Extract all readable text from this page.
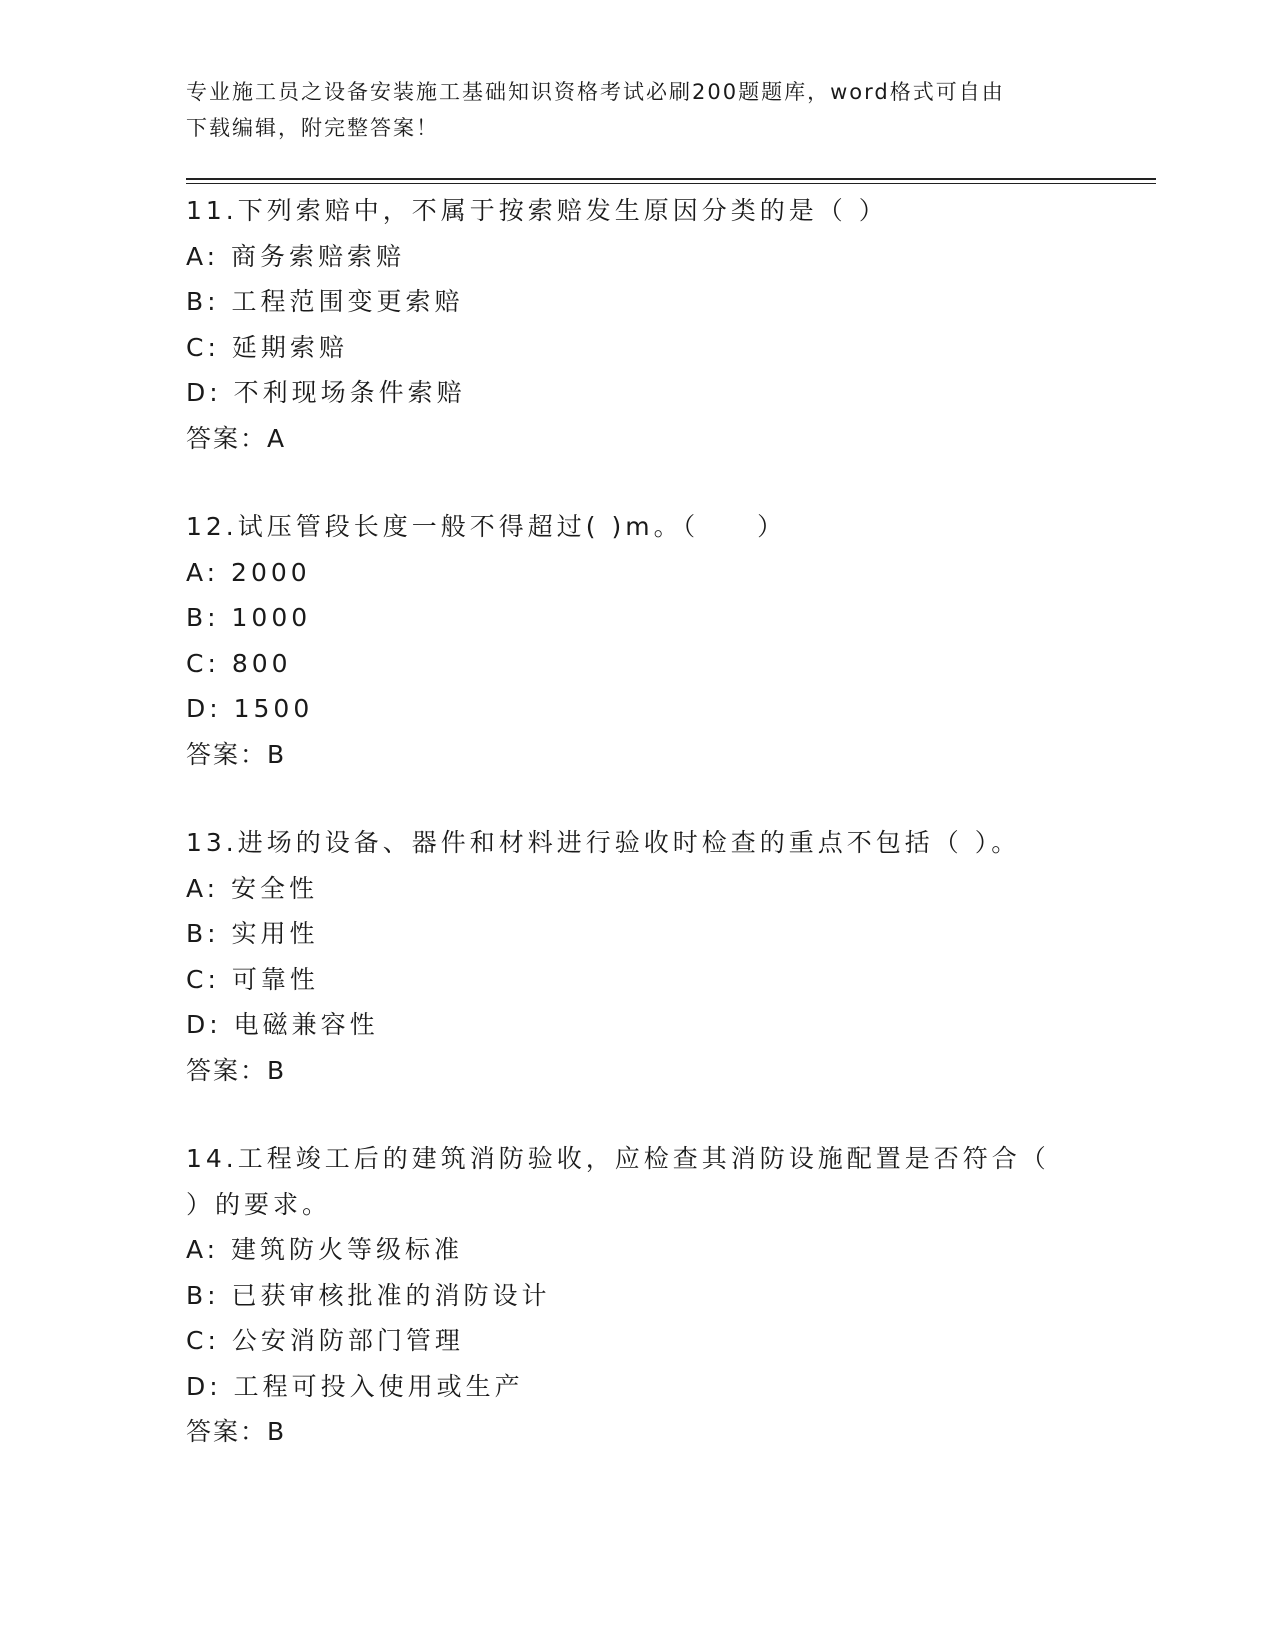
专业施工员之设备安装施工基础知识资格考试必刷200题题库，word格式可自由
下载编辑，附完整答案！
11.下列索赔中，不属于按索赔发生原因分类的是（ ）
A: 商务索赔索赔
B: 工程范围变更索赔
C: 延期索赔
D: 不利现场条件索赔
答案：A
12.试压管段长度一般不得超过( )m。（　　）
A: 2000
B: 1000
C: 800
D: 1500
答案：B
13.进场的设备、器件和材料进行验收时检查的重点不包括（ ）。
A: 安全性
B: 实用性
C: 可靠性
D: 电磁兼容性
答案：B
14.工程竣工后的建筑消防验收，应检查其消防设施配置是否符合（
）的要求。
A: 建筑防火等级标准
B: 已获审核批准的消防设计
C: 公安消防部门管理
D: 工程可投入使用或生产
答案：B
